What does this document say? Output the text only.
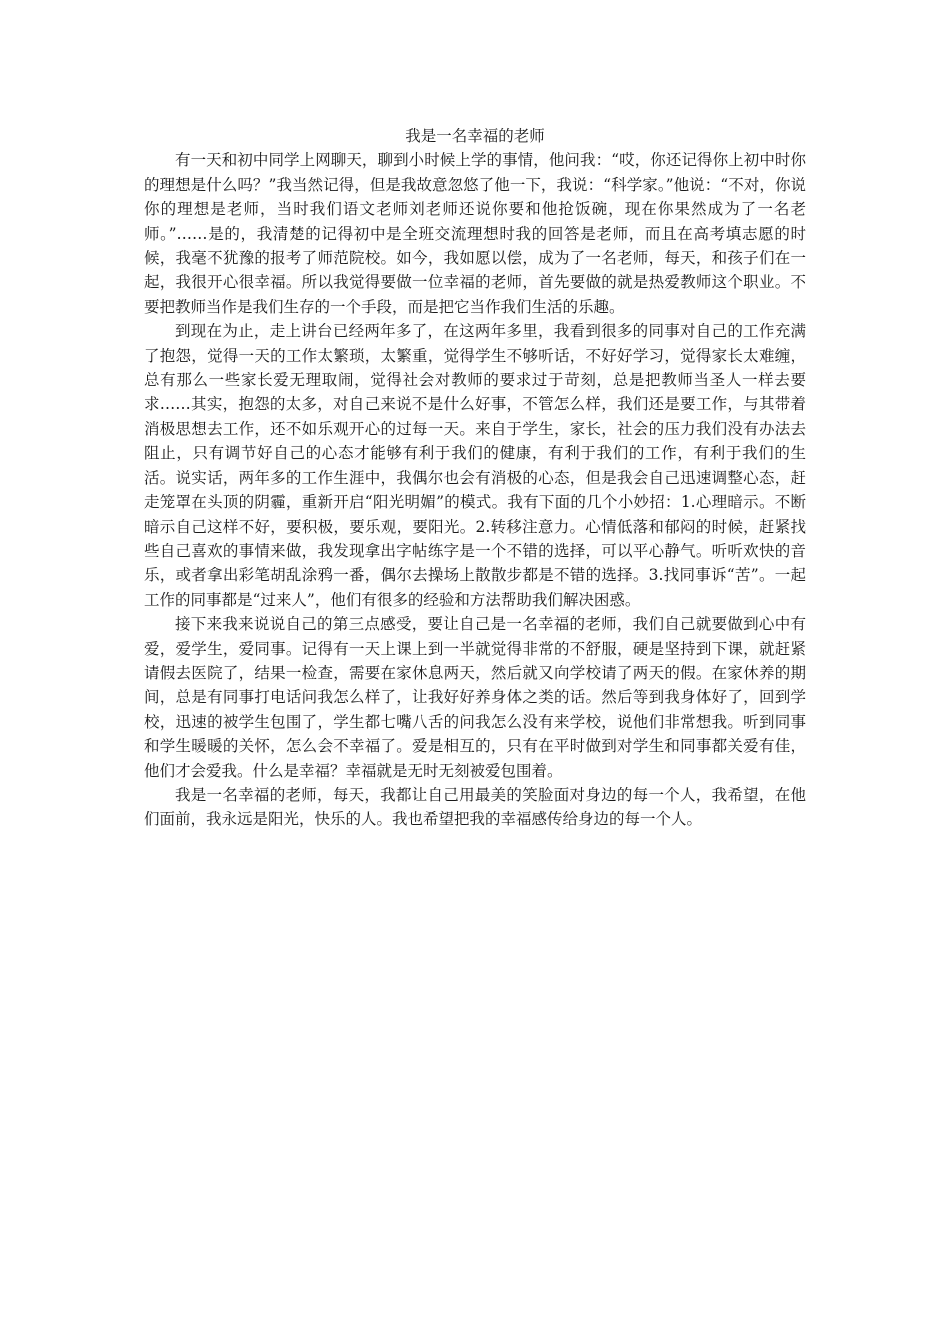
我是一名幸福的老师

有一天和初中同学上网聊天，聊到小时候上学的事情，他问我：“哎，你还记得你上初中时你的理想是什么吗？”我当然记得，但是我故意忽悠了他一下，我说：“科学家。”他说：“不对，你说你的理想是老师，当时我们语文老师刘老师还说你要和他抢饭碗，现在你果然成为了一名老师。”……是的，我清楚的记得初中是全班交流理想时我的回答是老师，而且在高考填志愿的时候，我毫不犹豫的报考了师范院校。如今，我如愿以偿，成为了一名老师，每天，和孩子们在一起，我很开心很幸福。所以我觉得要做一位幸福的老师，首先要做的就是热爱教师这个职业。不要把教师当作是我们生存的一个手段，而是把它当作我们生活的乐趣。

到现在为止，走上讲台已经两年多了，在这两年多里，我看到很多的同事对自己的工作充满了抱怨，觉得一天的工作太繁琐，太繁重，觉得学生不够听话，不好好学习，觉得家长太难缠，总有那么一些家长爱无理取闹，觉得社会对教师的要求过于苛刻，总是把教师当圣人一样去要求……其实，抱怨的太多，对自己来说不是什么好事，不管怎么样，我们还是要工作，与其带着消极思想去工作，还不如乐观开心的过每一天。来自于学生，家长，社会的压力我们没有办法去阻止，只有调节好自己的心态才能够有利于我们的健康，有利于我们的工作，有利于我们的生活。说实话，两年多的工作生涯中，我偶尔也会有消极的心态，但是我会自己迅速调整心态，赶走笼罩在头顶的阴霾，重新开启“阳光明媚”的模式。我有下面的几个小妙招：1.心理暗示。不断暗示自己这样不好，要积极，要乐观，要阳光。2.转移注意力。心情低落和郁闷的时候，赶紧找些自己喜欢的事情来做，我发现拿出字帖练字是一个不错的选择，可以平心静气。听听欢快的音乐，或者拿出彩笔胡乱涂鸦一番，偶尔去操场上散散步都是不错的选择。3.找同事诉“苦”。一起工作的同事都是“过来人”，他们有很多的经验和方法帮助我们解决困惑。

接下来我来说说自己的第三点感受，要让自己是一名幸福的老师，我们自己就要做到心中有爱，爱学生，爱同事。记得有一天上课上到一半就觉得非常的不舒服，硬是坚持到下课，就赶紧请假去医院了，结果一检查，需要在家休息两天，然后就又向学校请了两天的假。在家休养的期间，总是有同事打电话问我怎么样了，让我好好养身体之类的话。然后等到我身体好了，回到学校，迅速的被学生包围了，学生都七嘴八舌的问我怎么没有来学校，说他们非常想我。听到同事和学生暖暖的关怀，怎么会不幸福了。爱是相互的，只有在平时做到对学生和同事都关爱有佳，他们才会爱我。什么是幸福？幸福就是无时无刻被爱包围着。

我是一名幸福的老师，每天，我都让自己用最美的笑脸面对身边的每一个人，我希望，在他们面前，我永远是阳光，快乐的人。我也希望把我的幸福感传给身边的每一个人。
